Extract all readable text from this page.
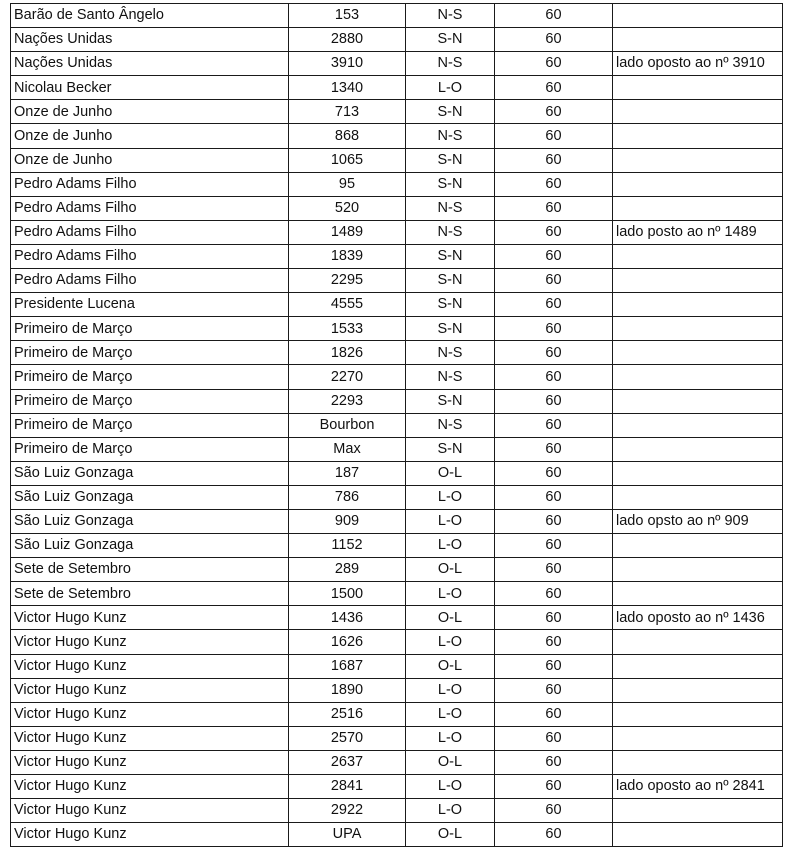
Barão de Santo Ângelo	153	N-S	60	
Nações Unidas	2880	S-N	60	
Nações Unidas	3910	N-S	60	lado oposto ao nº 3910
Nicolau Becker	1340	L-O	60	
Onze de Junho	713	S-N	60	
Onze de Junho	868	N-S	60	
Onze de Junho	1065	S-N	60	
Pedro Adams Filho	95	S-N	60	
Pedro Adams Filho	520	N-S	60	
Pedro Adams Filho	1489	N-S	60	lado posto ao nº 1489
Pedro Adams Filho	1839	S-N	60	
Pedro Adams Filho	2295	S-N	60	
Presidente Lucena	4555	S-N	60	
Primeiro de Março	1533	S-N	60	
Primeiro de Março	1826	N-S	60	
Primeiro de Março	2270	N-S	60	
Primeiro de Março	2293	S-N	60	
Primeiro de Março	Bourbon	N-S	60	
Primeiro de Março	Max	S-N	60	
São Luiz Gonzaga	187	O-L	60	
São Luiz Gonzaga	786	L-O	60	
São Luiz Gonzaga	909	L-O	60	lado opsto ao nº 909
São Luiz Gonzaga	1152	L-O	60	
Sete de Setembro	289	O-L	60	
Sete de Setembro	1500	L-O	60	
Victor Hugo Kunz	1436	O-L	60	lado oposto ao nº 1436
Victor Hugo Kunz	1626	L-O	60	
Victor Hugo Kunz	1687	O-L	60	
Victor Hugo Kunz	1890	L-O	60	
Victor Hugo Kunz	2516	L-O	60	
Victor Hugo Kunz	2570	L-O	60	
Victor Hugo Kunz	2637	O-L	60	
Victor Hugo Kunz	2841	L-O	60	lado oposto ao nº 2841
Victor Hugo Kunz	2922	L-O	60	
Victor Hugo Kunz	UPA	O-L	60	
